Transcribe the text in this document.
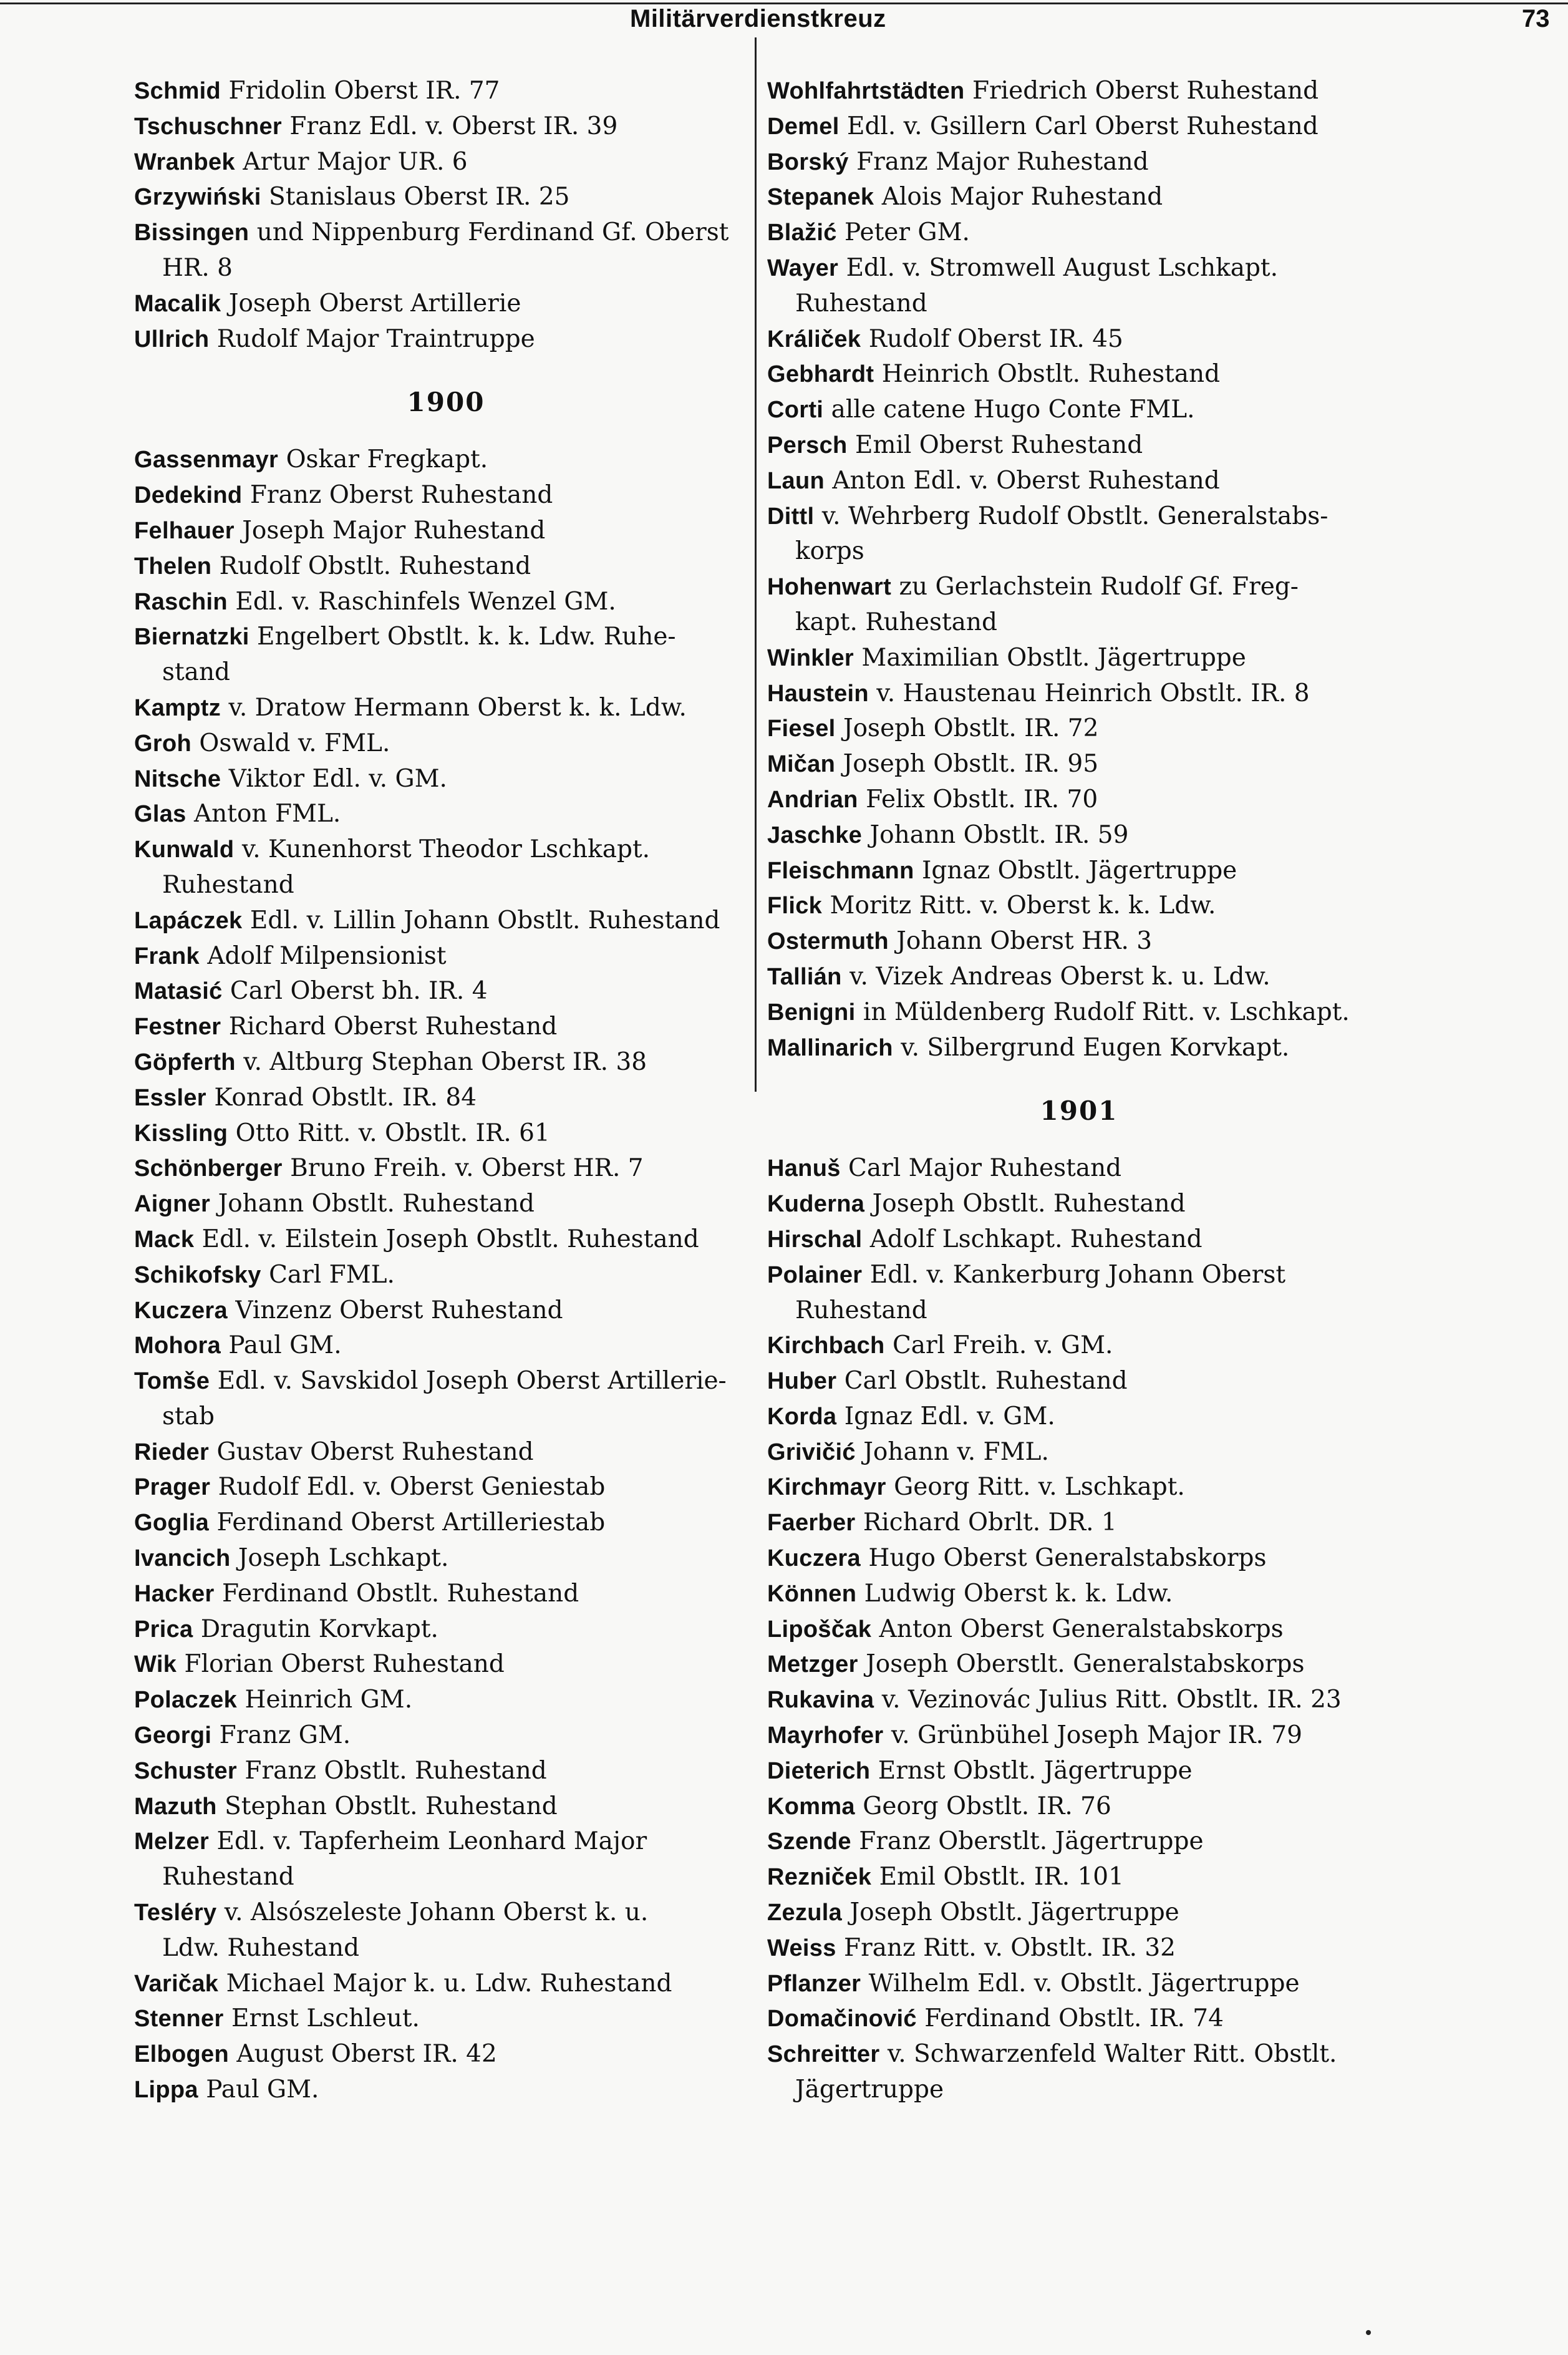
Militärverdienstkreuz	73
Schmid Fridolin Oberst IR. 77
Tschuschner Franz Edl. v. Oberst IR. 39
Wranbek Artur Major UR. 6
Grzywiński Stanislaus Oberst IR. 25
Bissingen und Nippenburg Ferdinand Gf. Oberst
HR. 8
Macalik Joseph Oberst Artillerie
Ullrich Rudolf Major Traintruppe
1900
Gassenmayr Oskar Fregkapt.
Dedekind Franz Oberst Ruhestand
Felhauer Joseph Major Ruhestand
Thelen Rudolf Obstlt. Ruhestand
Raschin Edl. v. Raschinfels Wenzel GM.
Biernatzki Engelbert Obstlt. k. k. Ldw. Ruhe-
stand
Kamptz v. Dratow Hermann Oberst k. k. Ldw.
Groh Oswald v. FML.
Nitsche Viktor Edl. v. GM.
Glas Anton FML.
Kunwald v. Kunenhorst Theodor Lschkapt.
Ruhestand
Lapáczek Edl. v. Lillin Johann Obstlt. Ruhestand
Frank Adolf Milpensionist
Matasić Carl Oberst bh. IR. 4
Festner Richard Oberst Ruhestand
Göpferth v. Altburg Stephan Oberst IR. 38
Essler Konrad Obstlt. IR. 84
Kissling Otto Ritt. v. Obstlt. IR. 61
Schönberger Bruno Freih. v. Oberst HR. 7
Aigner Johann Obstlt. Ruhestand
Mack Edl. v. Eilstein Joseph Obstlt. Ruhestand
Schikofsky Carl FML.
Kuczera Vinzenz Oberst Ruhestand
Mohora Paul GM.
Tomše Edl. v. Savskidol Joseph Oberst Artillerie-
stab
Rieder Gustav Oberst Ruhestand
Prager Rudolf Edl. v. Oberst Geniestab
Goglia Ferdinand Oberst Artilleriestab
Ivancich Joseph Lschkapt.
Hacker Ferdinand Obstlt. Ruhestand
Prica Dragutin Korvkapt.
Wik Florian Oberst Ruhestand
Polaczek Heinrich GM.
Georgi Franz GM.
Schuster Franz Obstlt. Ruhestand
Mazuth Stephan Obstlt. Ruhestand
Melzer Edl. v. Tapferheim Leonhard Major
Ruhestand
Tesléry v. Alsószeleste Johann Oberst k. u.
Ldw. Ruhestand
Varičak Michael Major k. u. Ldw. Ruhestand
Stenner Ernst Lschleut.
Elbogen August Oberst IR. 42
Lippa Paul GM.
Wohlfahrtstädten Friedrich Oberst Ruhestand
Demel Edl. v. Gsillern Carl Oberst Ruhestand
Borský Franz Major Ruhestand
Stepanek Alois Major Ruhestand
Blažić Peter GM.
Wayer Edl. v. Stromwell August Lschkapt.
Ruhestand
Králiček Rudolf Oberst IR. 45
Gebhardt Heinrich Obstlt. Ruhestand
Corti alle catene Hugo Conte FML.
Persch Emil Oberst Ruhestand
Laun Anton Edl. v. Oberst Ruhestand
Dittl v. Wehrberg Rudolf Obstlt. Generalstabs-
korps
Hohenwart zu Gerlachstein Rudolf Gf. Freg-
kapt. Ruhestand
Winkler Maximilian Obstlt. Jägertruppe
Haustein v. Haustenau Heinrich Obstlt. IR. 8
Fiesel Joseph Obstlt. IR. 72
Mičan Joseph Obstlt. IR. 95
Andrian Felix Obstlt. IR. 70
Jaschke Johann Obstlt. IR. 59
Fleischmann Ignaz Obstlt. Jägertruppe
Flick Moritz Ritt. v. Oberst k. k. Ldw.
Ostermuth Johann Oberst HR. 3
Tallián v. Vizek Andreas Oberst k. u. Ldw.
Benigni in Müldenberg Rudolf Ritt. v. Lschkapt.
Mallinarich v. Silbergrund Eugen Korvkapt.
1901
Hanuš Carl Major Ruhestand
Kuderna Joseph Obstlt. Ruhestand
Hirschal Adolf Lschkapt. Ruhestand
Polainer Edl. v. Kankerburg Johann Oberst
Ruhestand
Kirchbach Carl Freih. v. GM.
Huber Carl Obstlt. Ruhestand
Korda Ignaz Edl. v. GM.
Grivičić Johann v. FML.
Kirchmayr Georg Ritt. v. Lschkapt.
Faerber Richard Obrlt. DR. 1
Kuczera Hugo Oberst Generalstabskorps
Können Ludwig Oberst k. k. Ldw.
Lipoščak Anton Oberst Generalstabskorps
Metzger Joseph Oberstlt. Generalstabskorps
Rukavina v. Vezinovác Julius Ritt. Obstlt. IR. 23
Mayrhofer v. Grünbühel Joseph Major IR. 79
Dieterich Ernst Obstlt. Jägertruppe
Komma Georg Obstlt. IR. 76
Szende Franz Oberstlt. Jägertruppe
Rezniček Emil Obstlt. IR. 101
Zezula Joseph Obstlt. Jägertruppe
Weiss Franz Ritt. v. Obstlt. IR. 32
Pflanzer Wilhelm Edl. v. Obstlt. Jägertruppe
Domačinović Ferdinand Obstlt. IR. 74
Schreitter v. Schwarzenfeld Walter Ritt. Obstlt.
Jägertruppe
